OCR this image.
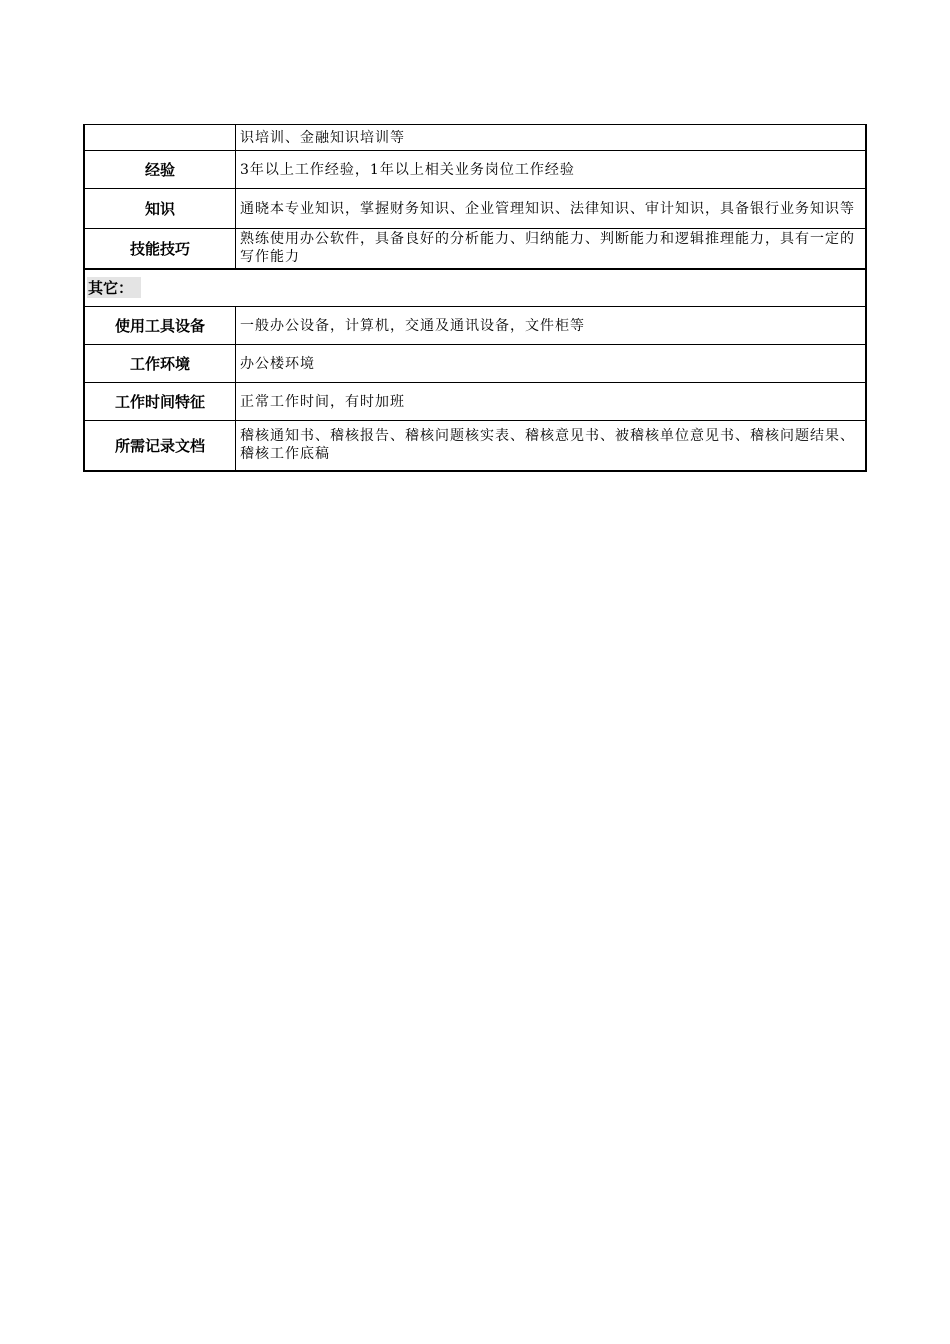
	识培训、金融知识培训等
经验	3年以上工作经验，1年以上相关业务岗位工作经验
知识	通晓本专业知识，掌握财务知识、企业管理知识、法律知识、审计知识，具备银行业务知识等
技能技巧	熟练使用办公软件，具备良好的分析能力、归纳能力、判断能力和逻辑推理能力，具有一定的写作能力
其它：	
使用工具设备	一般办公设备，计算机，交通及通讯设备，文件柜等
工作环境	办公楼环境
工作时间特征	正常工作时间，有时加班
所需记录文档	稽核通知书、稽核报告、稽核问题核实表、稽核意见书、被稽核单位意见书、稽核问题结果、稽核工作底稿
